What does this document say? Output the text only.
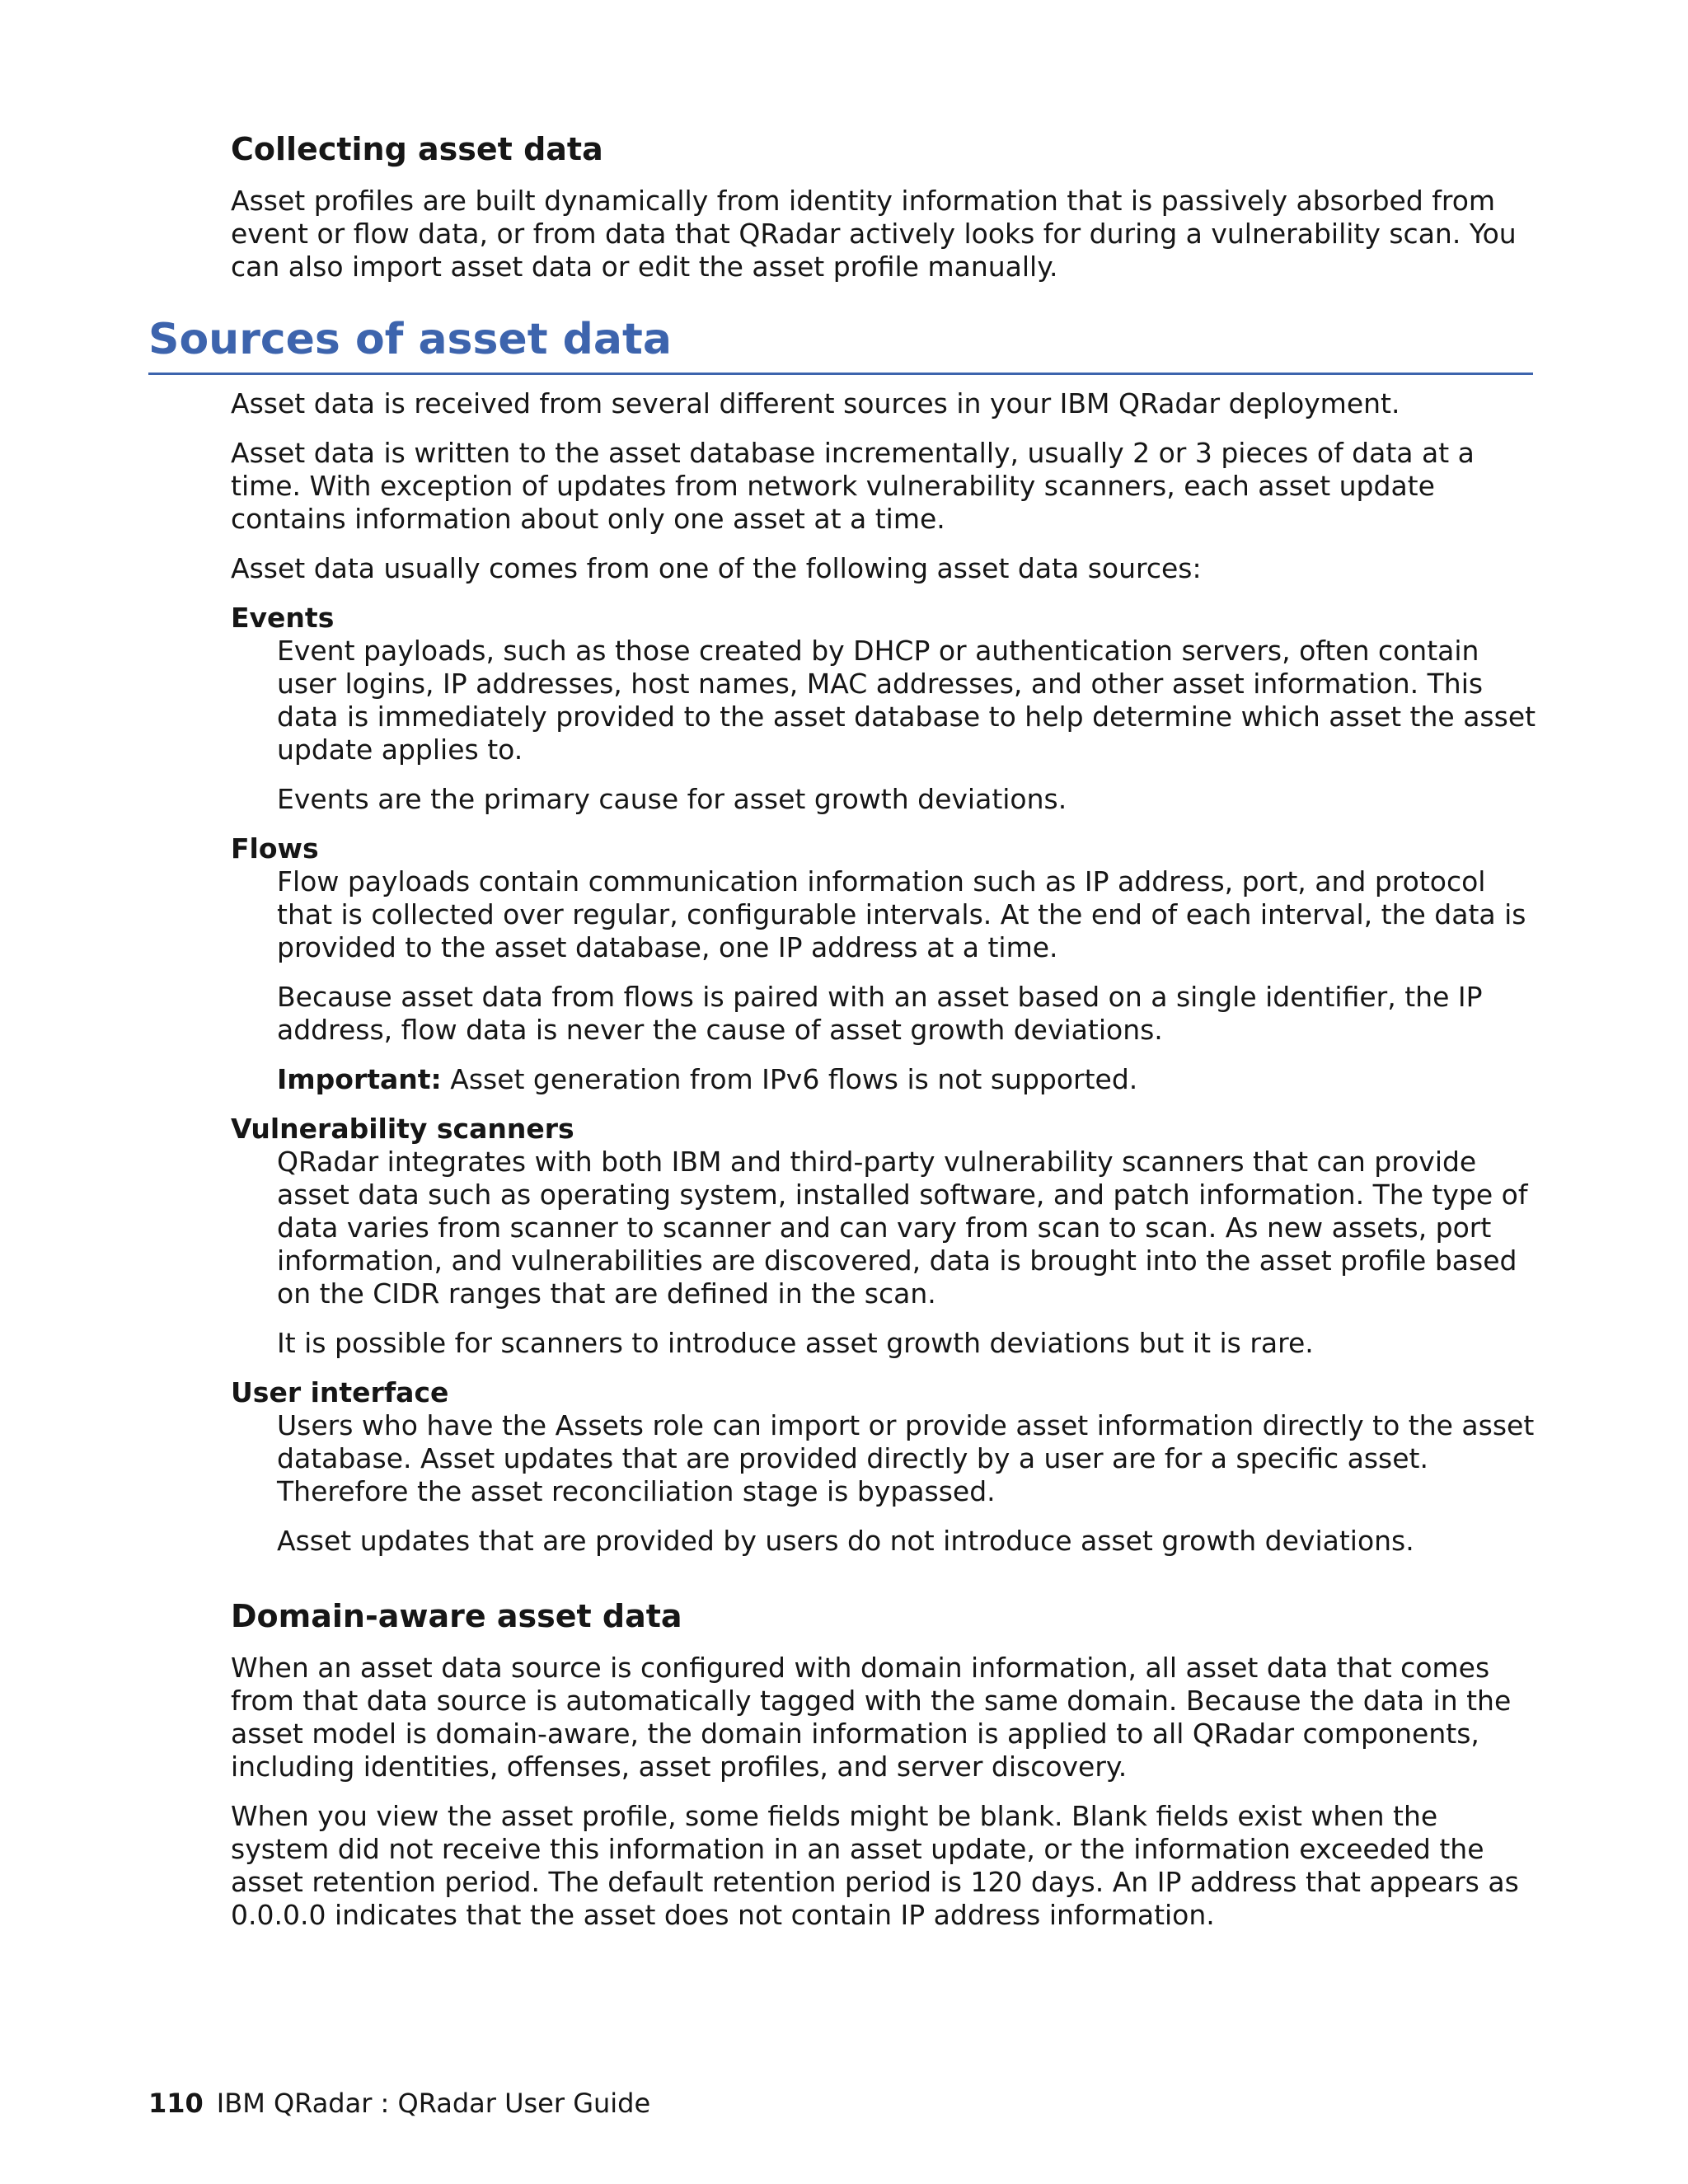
Collecting asset data

Asset profiles are built dynamically from identity information that is passively absorbed from event or flow data, or from data that QRadar actively looks for during a vulnerability scan. You can also import asset data or edit the asset profile manually.

Sources of asset data

Asset data is received from several different sources in your IBM QRadar deployment.

Asset data is written to the asset database incrementally, usually 2 or 3 pieces of data at a time. With exception of updates from network vulnerability scanners, each asset update contains information about only one asset at a time.

Asset data usually comes from one of the following asset data sources:

Events

Event payloads, such as those created by DHCP or authentication servers, often contain user logins, IP addresses, host names, MAC addresses, and other asset information. This data is immediately provided to the asset database to help determine which asset the asset update applies to.

Events are the primary cause for asset growth deviations.

Flows

Flow payloads contain communication information such as IP address, port, and protocol that is collected over regular, configurable intervals. At the end of each interval, the data is provided to the asset database, one IP address at a time.

Because asset data from flows is paired with an asset based on a single identifier, the IP address, flow data is never the cause of asset growth deviations.

Important: Asset generation from IPv6 flows is not supported.

Vulnerability scanners

QRadar integrates with both IBM and third-party vulnerability scanners that can provide asset data such as operating system, installed software, and patch information. The type of data varies from scanner to scanner and can vary from scan to scan. As new assets, port information, and vulnerabilities are discovered, data is brought into the asset profile based on the CIDR ranges that are defined in the scan.

It is possible for scanners to introduce asset growth deviations but it is rare.

User interface

Users who have the Assets role can import or provide asset information directly to the asset database. Asset updates that are provided directly by a user are for a specific asset. Therefore the asset reconciliation stage is bypassed.

Asset updates that are provided by users do not introduce asset growth deviations.

Domain-aware asset data

When an asset data source is configured with domain information, all asset data that comes from that data source is automatically tagged with the same domain. Because the data in the asset model is domain-aware, the domain information is applied to all QRadar components, including identities, offenses, asset profiles, and server discovery.

When you view the asset profile, some fields might be blank. Blank fields exist when the system did not receive this information in an asset update, or the information exceeded the asset retention period. The default retention period is 120 days. An IP address that appears as 0.0.0.0 indicates that the asset does not contain IP address information.

110 IBM QRadar : QRadar User Guide
